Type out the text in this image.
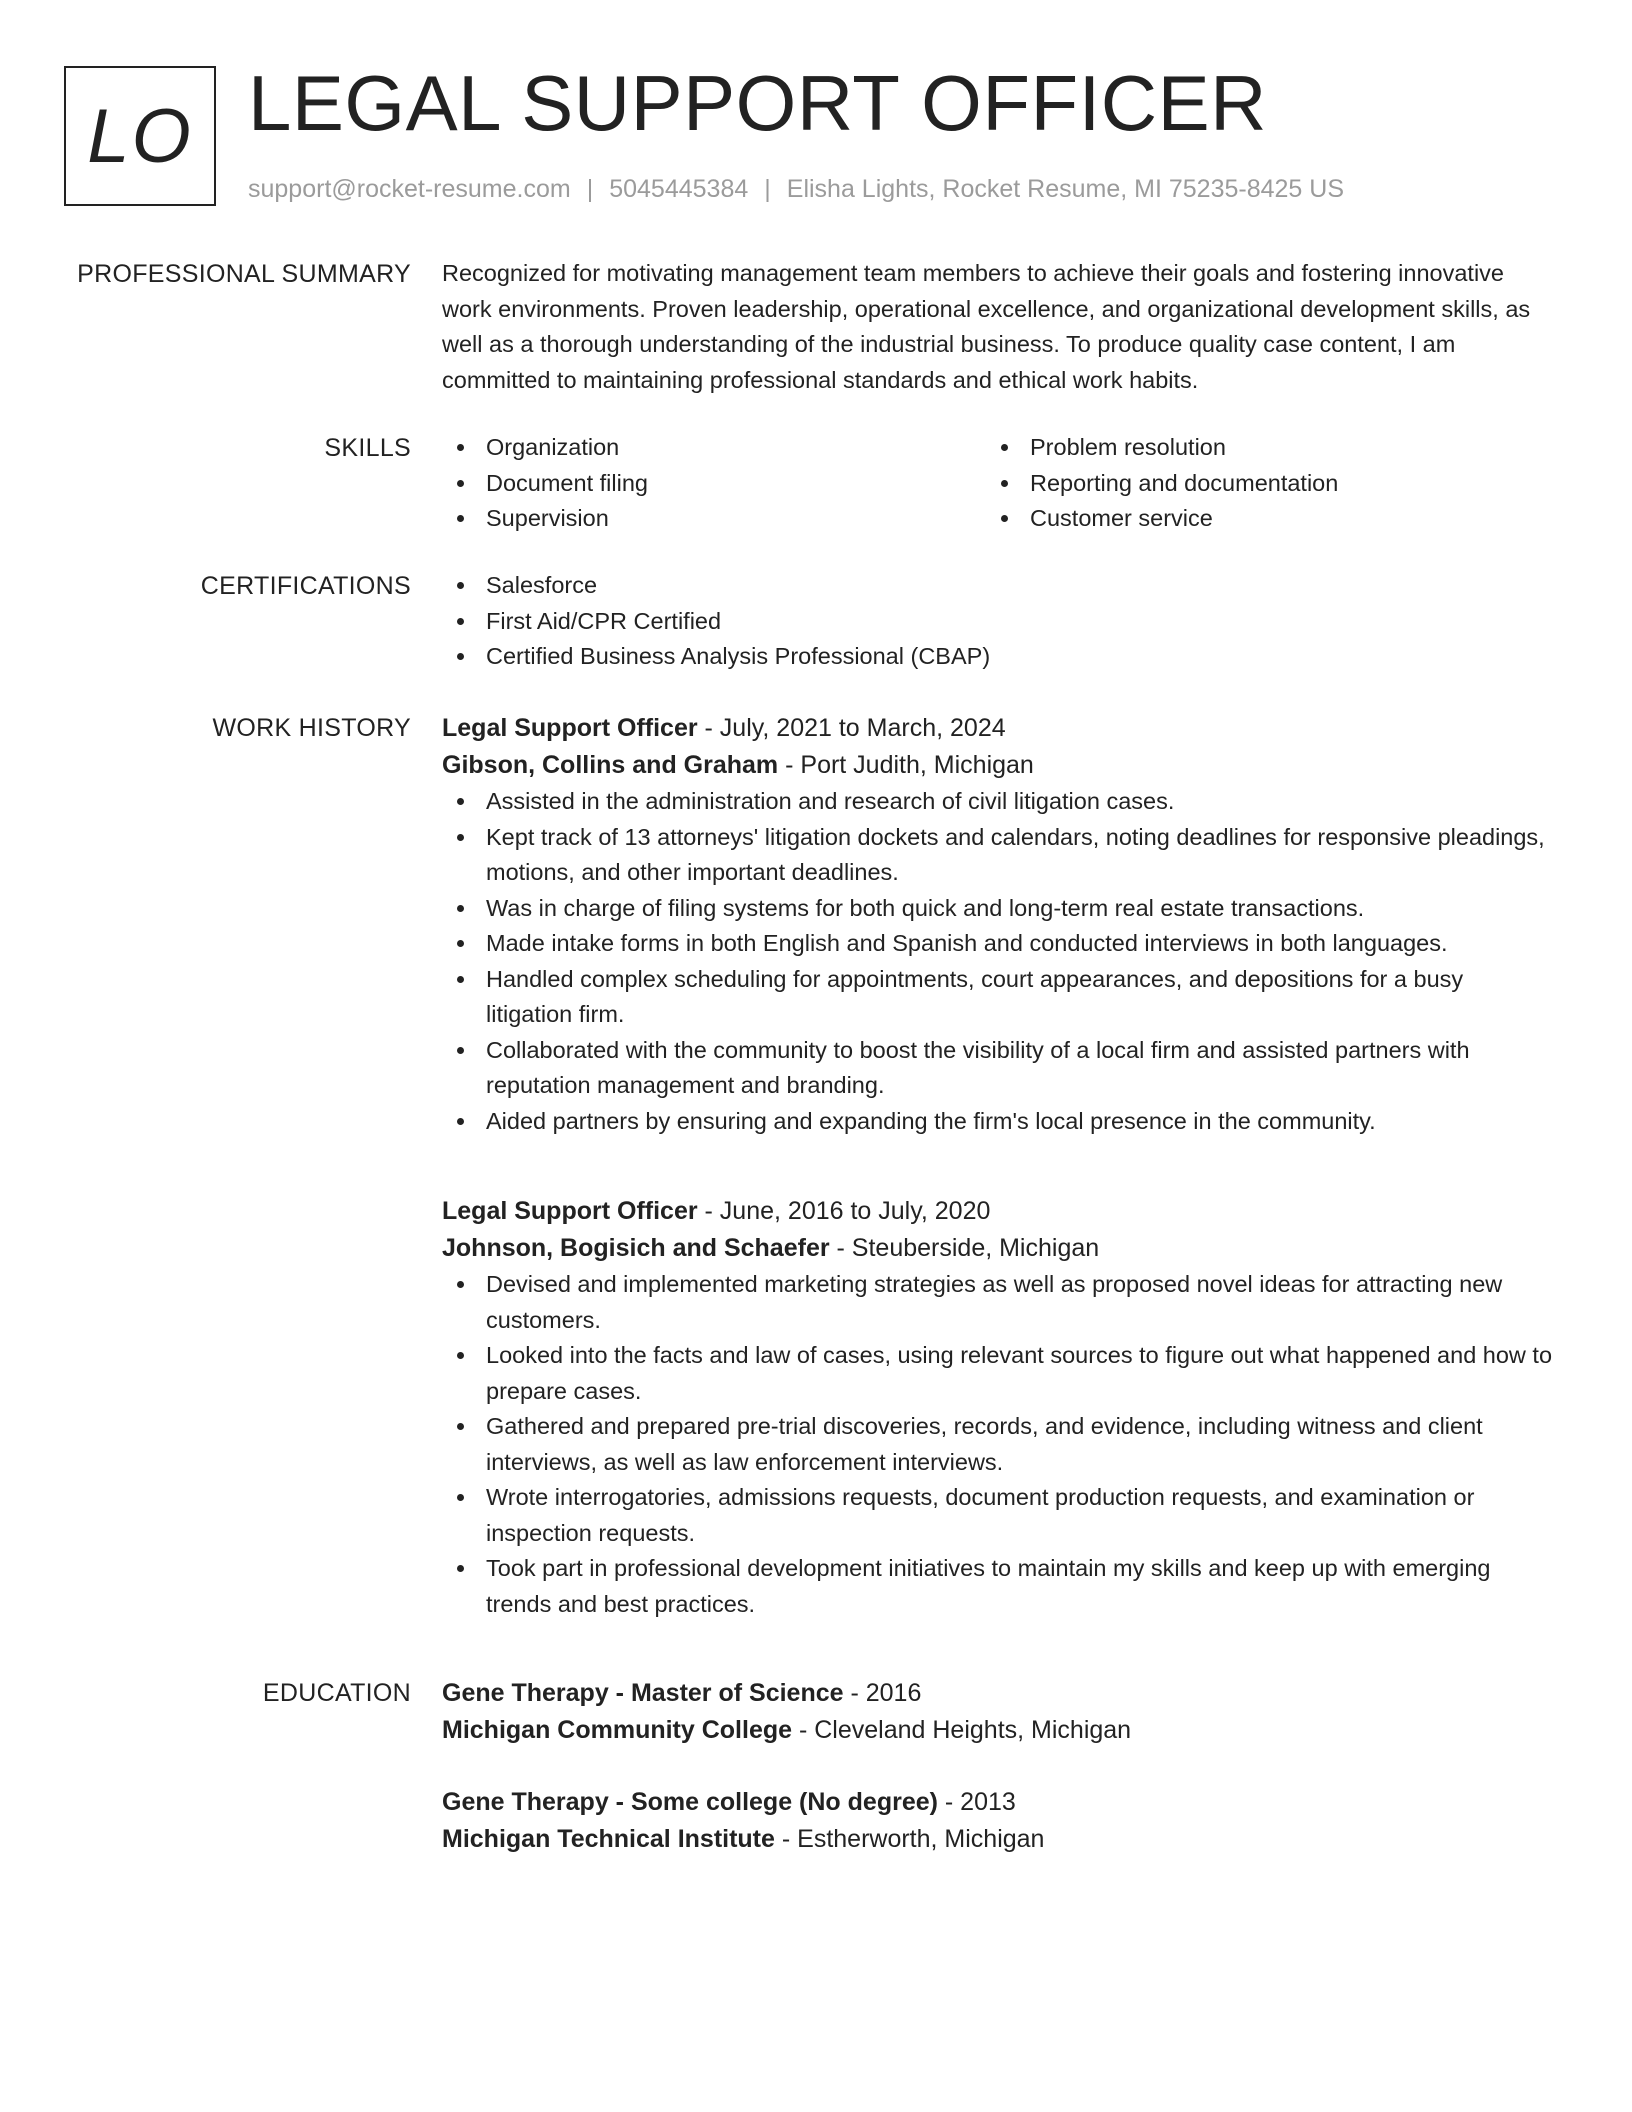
LO LEGAL SUPPORT OFFICER
support@rocket-resume.com | 5045445384 | Elisha Lights, Rocket Resume, MI 75235-8425 US
PROFESSIONAL SUMMARY Recognized for motivating management team members to achieve their goals and fostering innovative work environments. Proven leadership, operational excellence, and organizational development skills, as well as a thorough understanding of the industrial business. To produce quality case content, I am committed to maintaining professional standards and ethical work habits.

SKILLS	Organization
Document filing
Supervision
Problem resolution
Reporting and documentation
Customer service
CERTIFICATIONS	Salesforce
First Aid/CPR Certified
Certified Business Analysis Professional (CBAP)
WORK HISTORY Legal Support Officer - July, 2021 to March, 2024
Gibson, Collins and Graham - Port Judith, Michigan
Assisted in the administration and research of civil litigation cases.
Kept track of 13 attorneys' litigation dockets and calendars, noting deadlines for responsive pleadings, motions, and other important deadlines.
Was in charge of filing systems for both quick and long-term real estate transactions.
Made intake forms in both English and Spanish and conducted interviews in both languages.
Handled complex scheduling for appointments, court appearances, and depositions for a busy litigation firm.
Collaborated with the community to boost the visibility of a local firm and assisted partners with reputation management and branding.
Aided partners by ensuring and expanding the firm's local presence in the community.
Legal Support Officer - June, 2016 to July, 2020
Johnson, Bogisich and Schaefer - Steuberside, Michigan
Devised and implemented marketing strategies as well as proposed novel ideas for attracting new customers.
Looked into the facts and law of cases, using relevant sources to figure out what happened and how to prepare cases.
Gathered and prepared pre-trial discoveries, records, and evidence, including witness and client interviews, as well as law enforcement interviews.
Wrote interrogatories, admissions requests, document production requests, and examination or inspection requests.
Took part in professional development initiatives to maintain my skills and keep up with emerging trends and best practices.
EDUCATION Gene Therapy - Master of Science - 2016
Michigan Community College - Cleveland Heights, Michigan
Gene Therapy - Some college (No degree) - 2013
Michigan Technical Institute - Estherworth, Michigan
